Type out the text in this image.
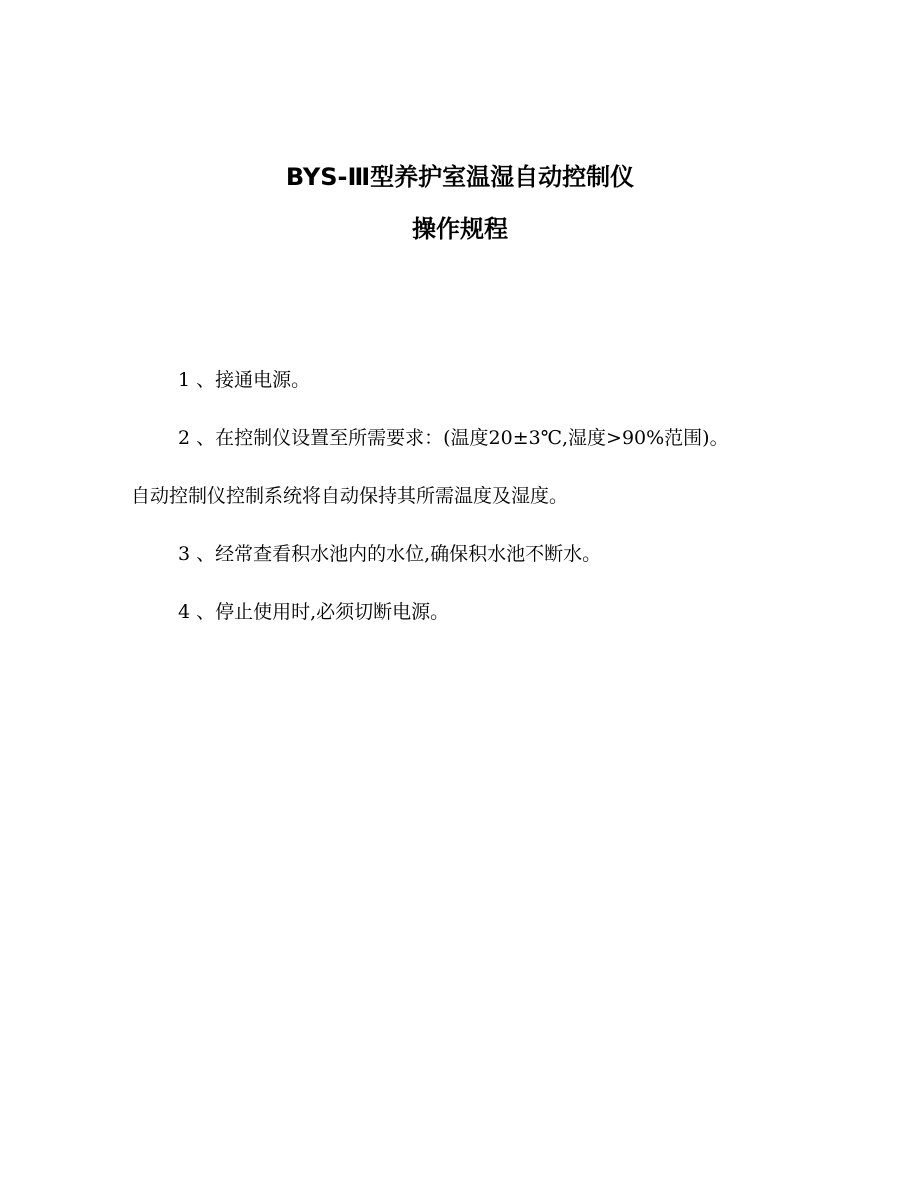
BYS-Ⅲ型养护室温湿自动控制仪
操作规程
1 、接通电源。
2 、在控制仪设置至所需要求：(温度20±3℃,湿度>90%范围)。
自动控制仪控制系统将自动保持其所需温度及湿度。
3 、经常查看积水池内的水位,确保积水池不断水。
4 、停止使用时,必须切断电源。
